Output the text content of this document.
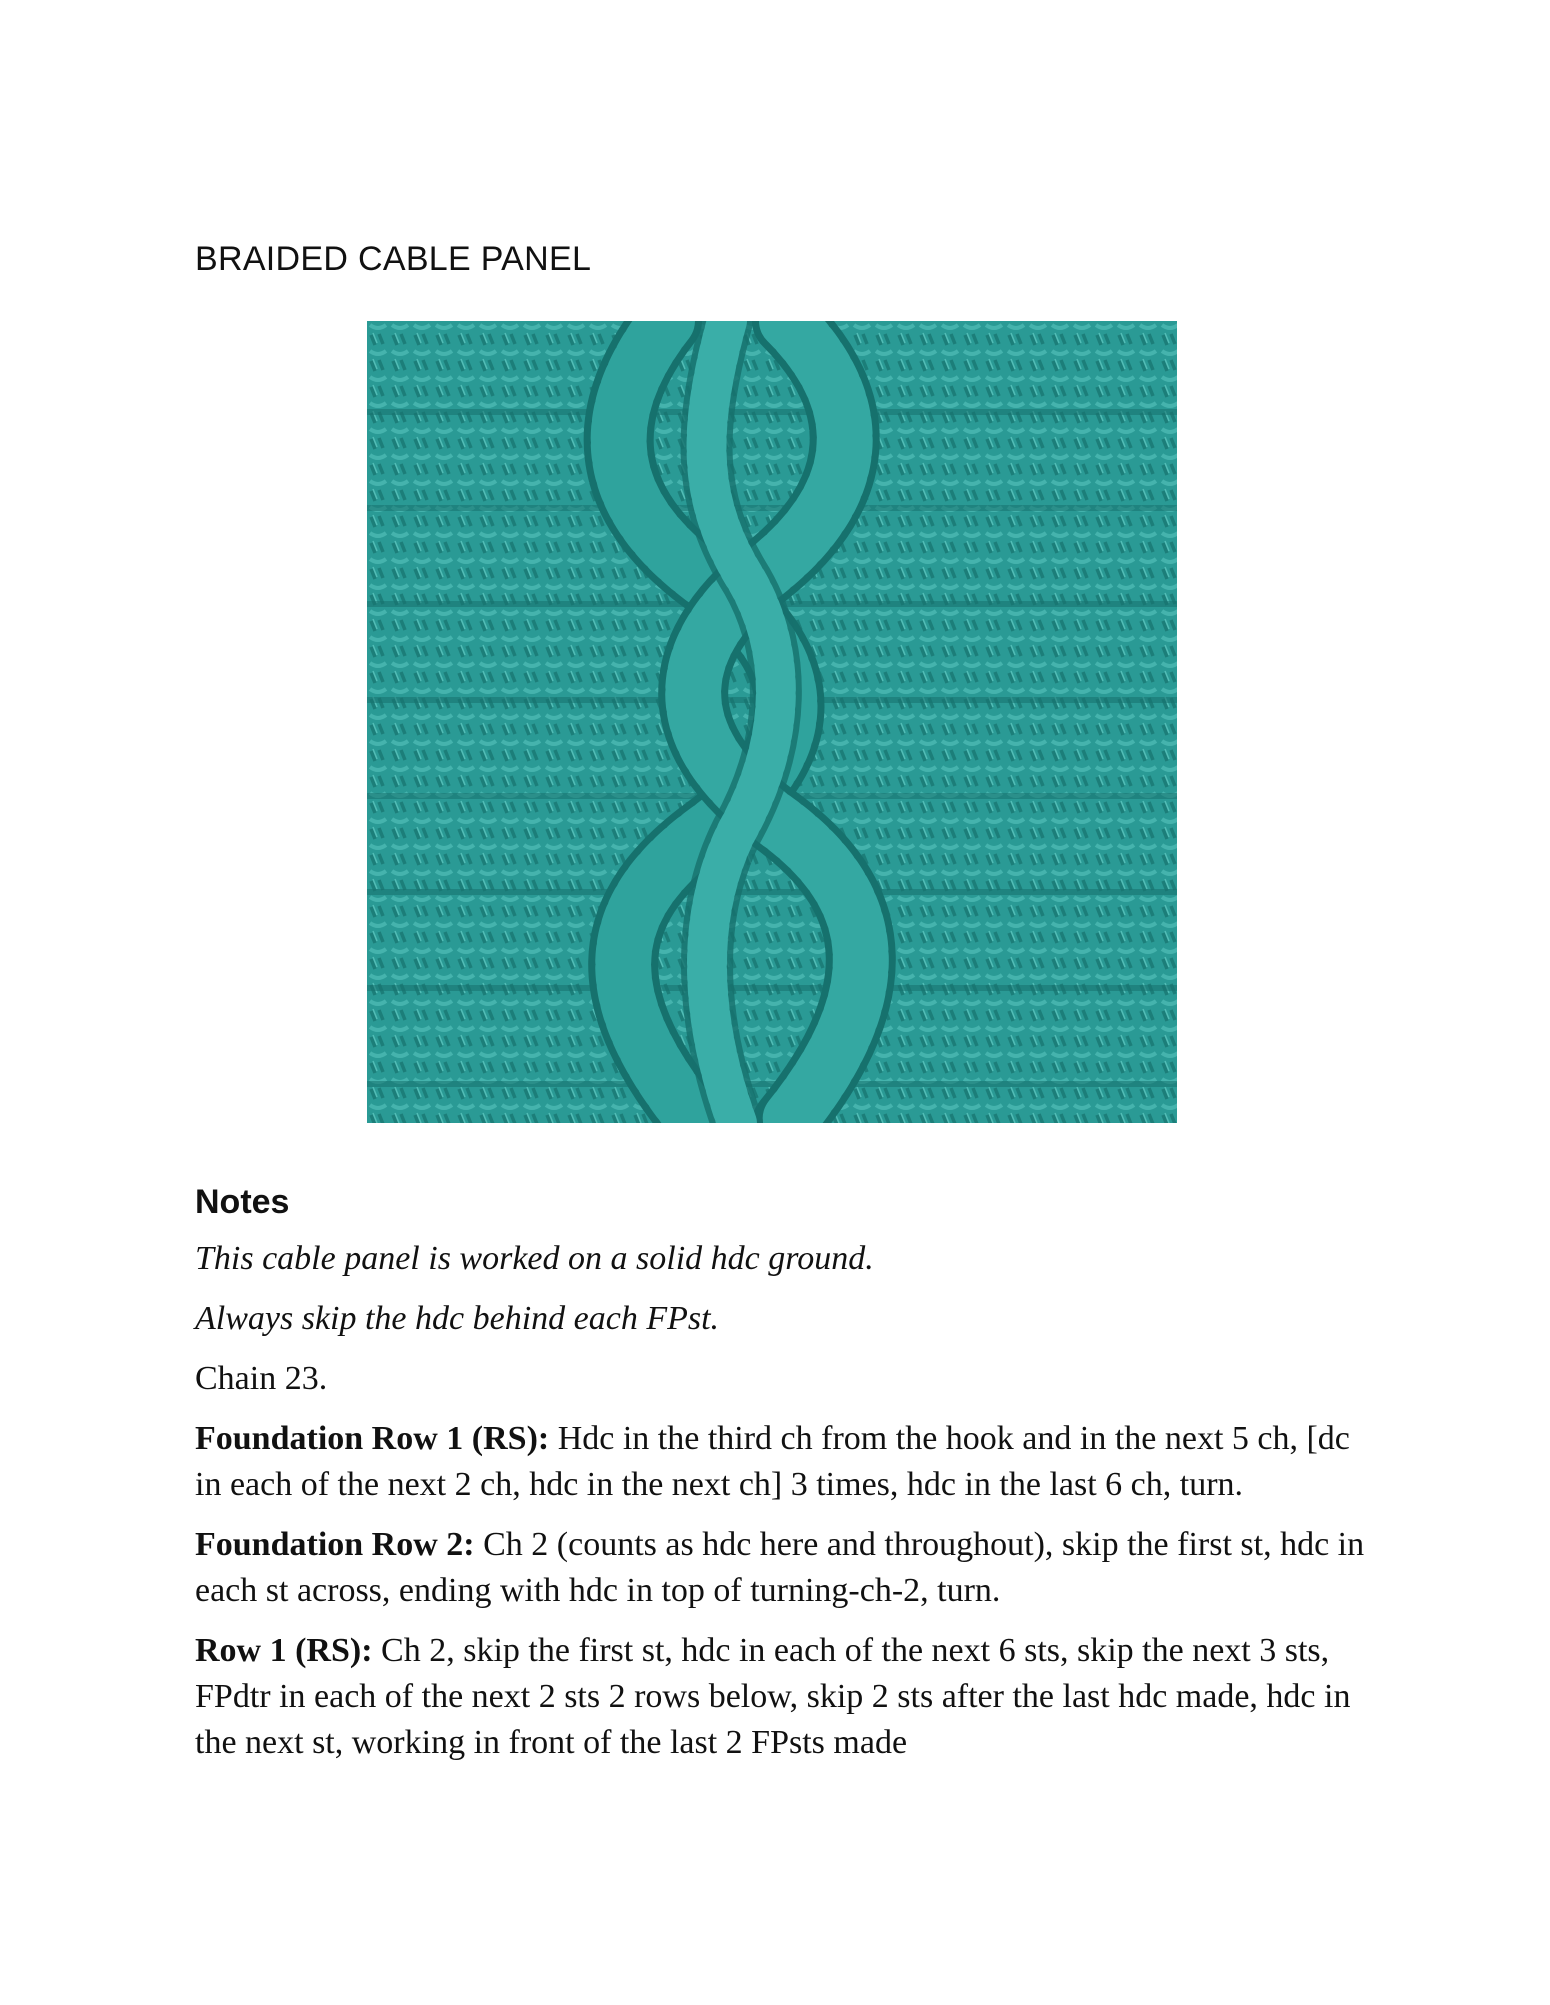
BRAIDED CABLE PANEL
Notes

This cable panel is worked on a solid hdc ground.

Always skip the hdc behind each FPst.

Chain 23.

Foundation Row 1 (RS): Hdc in the third ch from the hook and in the next 5 ch, [dc in each of the next 2 ch, hdc in the next ch] 3 times, hdc in the last 6 ch, turn.

Foundation Row 2: Ch 2 (counts as hdc here and throughout), skip the first st, hdc in each st across, ending with hdc in top of turning-ch-2, turn.

Row 1 (RS): Ch 2, skip the first st, hdc in each of the next 6 sts, skip the next 3 sts, FPdtr in each of the next 2 sts 2 rows below, skip 2 sts after the last hdc made, hdc in the next st, working in front of the last 2 FPsts made
